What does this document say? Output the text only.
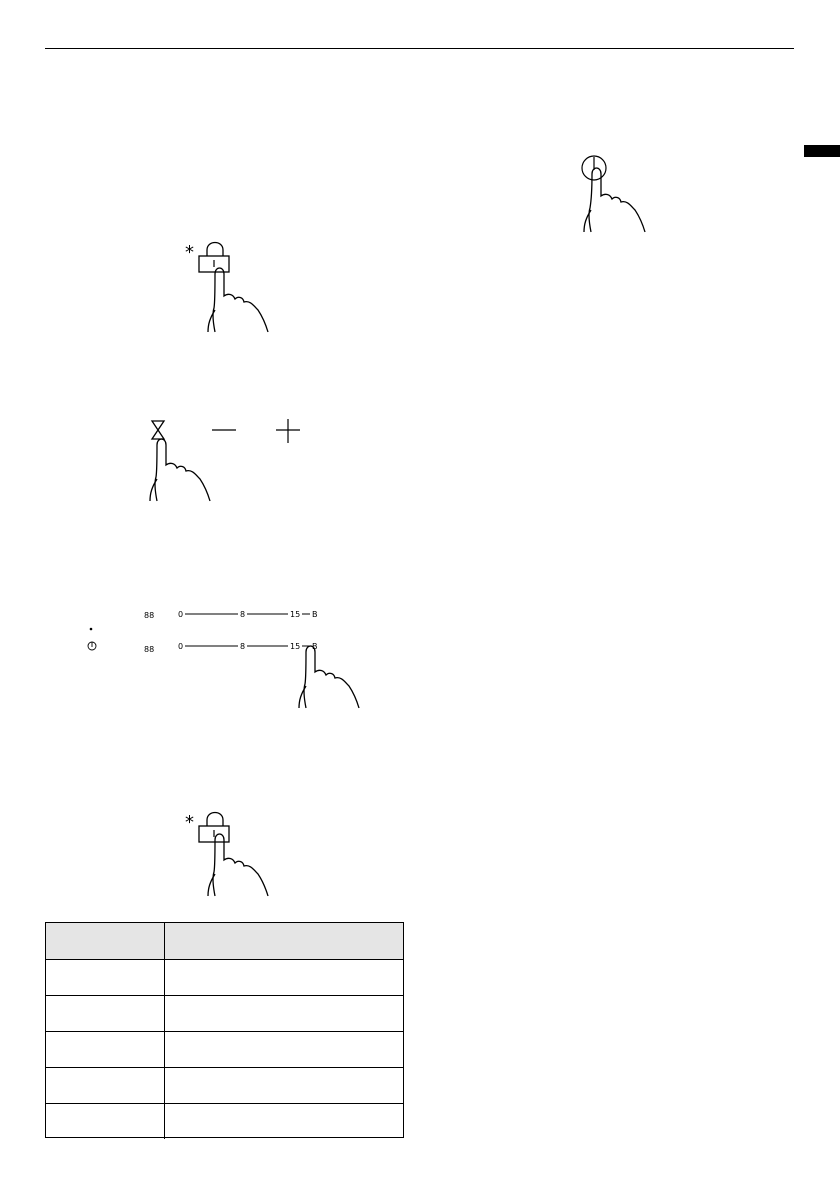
*
88	0	8	15 B
88	0	8	15 B
*
